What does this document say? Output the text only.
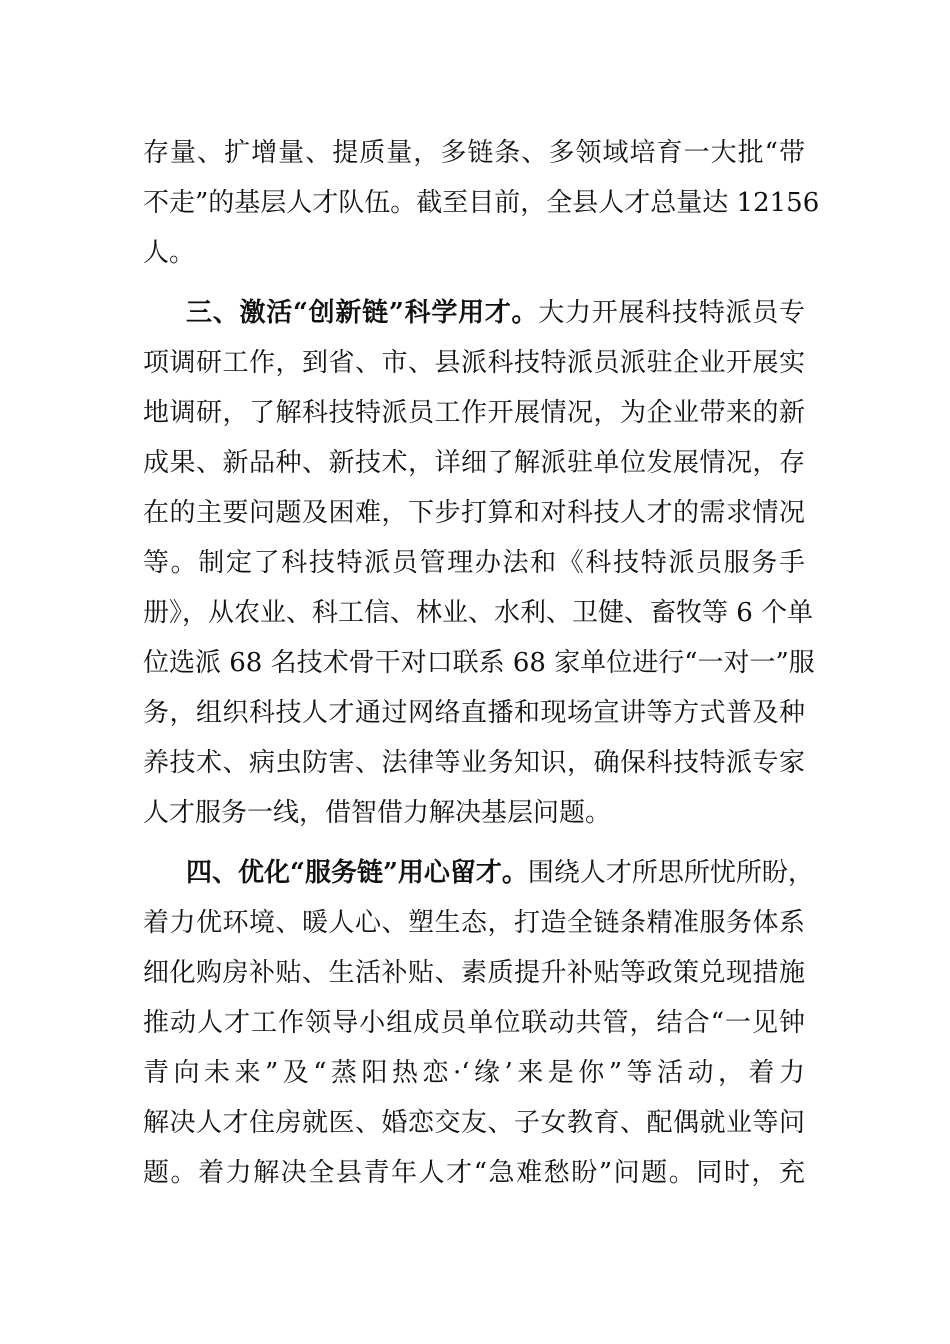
存量、扩增量、提质量，多链条、多领域培育一大批“带
不走”的基层人才队伍。截至目前，全县人才总量达 12156
人。
三、激活“创新链”科学用才。大力开展科技特派员专
项调研工作，到省、市、县派科技特派员派驻企业开展实
地调研，了解科技特派员工作开展情况，为企业带来的新
成果、新品种、新技术，详细了解派驻单位发展情况，存
在的主要问题及困难，下步打算和对科技人才的需求情况
等。制定了科技特派员管理办法和《科技特派员服务手
册》，从农业、科工信、林业、水利、卫健、畜牧等 6 个单
位选派 68 名技术骨干对口联系 68 家单位进行“一对一”服
务，组织科技人才通过网络直播和现场宣讲等方式普及种
养技术、病虫防害、法律等业务知识，确保科技特派专家
人才服务一线，借智借力解决基层问题。
四、优化“服务链”用心留才。围绕人才所思所忧所盼，
着力优环境、暖人心、塑生态，打造全链条精准服务体系
细化购房补贴、生活补贴、素质提升补贴等政策兑现措施
推动人才工作领导小组成员单位联动共管，结合“一见钟
青向未来”及“蒸阳热恋·‘缘’来是你”等活动，着力
解决人才住房就医、婚恋交友、子女教育、配偶就业等问
题。着力解决全县青年人才“急难愁盼”问题。同时，充
